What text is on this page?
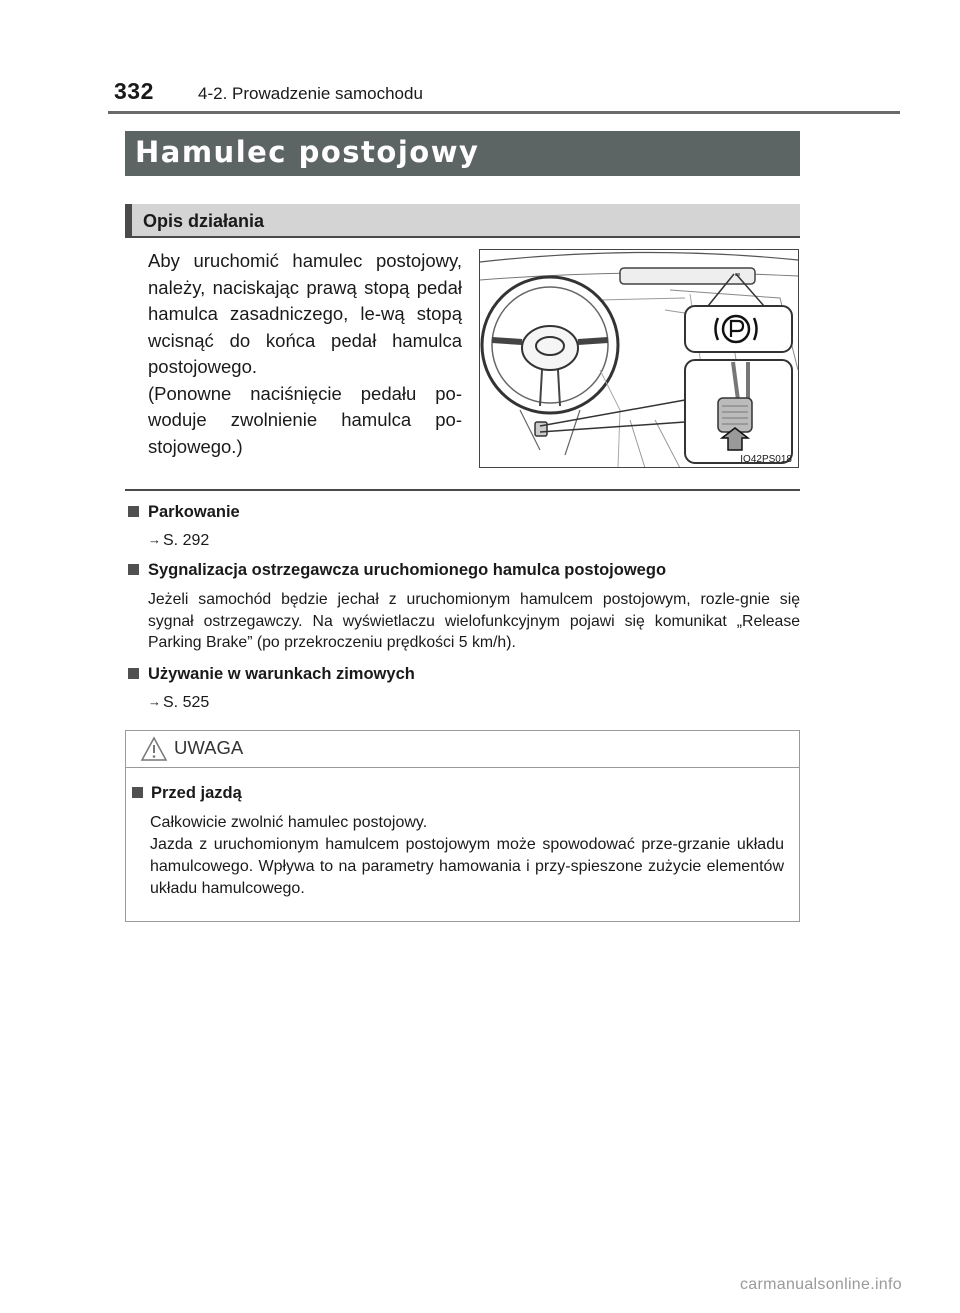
332	4-2. Prowadzenie samochodu
Hamulec postojowy
Opis działania

Aby uruchomić hamulec postojowy, należy, naciskając prawą stopą pedał hamulca zasadniczego, le-wą stopą wcisnąć do końca pedał hamulca postojowego.

(Ponowne naciśnięcie pedału po-woduje zwolnienie hamulca po-stojowego.)

IO42PS018
Parkowanie
→ S. 292
Sygnalizacja ostrzegawcza uruchomionego hamulca postojowego
Jeżeli samochód będzie jechał z uruchomionym hamulcem postojowym, rozle-gnie się sygnał ostrzegawczy. Na wyświetlaczu wielofunkcyjnym pojawi się komunikat „Release Parking Brake” (po przekroczeniu prędkości 5 km/h).
Używanie w warunkach zimowych
→ S. 525
UWAGA
Przed jazdą

Całkowicie zwolnić hamulec postojowy.

Jazda z uruchomionym hamulcem postojowym może spowodować prze-grzanie układu hamulcowego. Wpływa to na parametry hamowania i przy-spieszone zużycie elementów układu hamulcowego.

carmanualsonline.info
